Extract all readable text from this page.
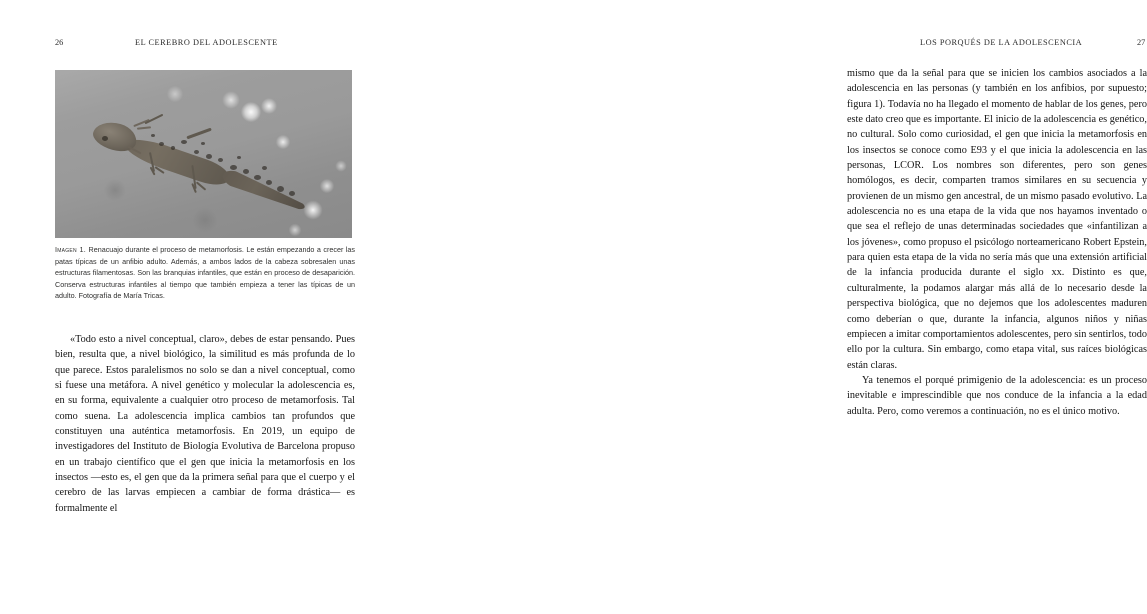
26	EL CEREBRO DEL ADOLESCENTE
Imagen 1. Renacuajo durante el proceso de metamorfosis. Le están empezando a crecer las patas típicas de un anfibio adulto. Además, a ambos lados de la cabeza sobresalen unas estructuras filamentosas. Son las branquias infantiles, que están en proceso de desaparición. Conserva estructuras infantiles al tiempo que también empieza a tener las típicas de un adulto. Fotografía de María Tricas.

«Todo esto a nivel conceptual, claro», debes de estar pensando. Pues bien, resulta que, a nivel biológico, la similitud es más profunda de lo que parece. Estos paralelismos no solo se dan a nivel conceptual, como si fuese una metáfora. A nivel genético y molecular la adolescencia es, en su forma, equivalente a cualquier otro proceso de metamorfosis. Tal como suena. La adolescencia implica cambios tan profundos que constituyen una auténtica metamorfosis. En 2019, un equipo de investigadores del Instituto de Biología Evolutiva de Barcelona propuso en un trabajo científico que el gen que inicia la metamorfosis en los insectos —esto es, el gen que da la primera señal para que el cuerpo y el cerebro de las larvas empiecen a cambiar de forma drástica— es formalmente el

LOS PORQUÉS DE LA ADOLESCENCIA	27

mismo que da la señal para que se inicien los cambios asociados a la adolescencia en las personas (y también en los anfibios, por supuesto; figura 1). Todavía no ha llegado el momento de hablar de los genes, pero este dato creo que es importante. El inicio de la adolescencia es genético, no cultural. Solo como curiosidad, el gen que inicia la metamorfosis en los insectos se conoce como E93 y el que inicia la adolescencia en las personas, LCOR. Los nombres son diferentes, pero son genes homólogos, es decir, comparten tramos similares en su secuencia y provienen de un mismo gen ancestral, de un mismo pasado evolutivo. La adolescencia no es una etapa de la vida que nos hayamos inventado o que sea el reflejo de unas determinadas sociedades que «infantilizan a los jóvenes», como propuso el psicólogo norteamericano Robert Epstein, para quien esta etapa de la vida no sería más que una extensión artificial de la infancia producida durante el siglo xx. Distinto es que, culturalmente, la podamos alargar más allá de lo necesario desde la perspectiva biológica, que no dejemos que los adolescentes maduren como deberían o que, durante la infancia, algunos niños y niñas empiecen a imitar comportamientos adolescentes, pero sin sentirlos, todo ello por la cultura. Sin embargo, como etapa vital, sus raíces biológicas están claras.

Ya tenemos el porqué primigenio de la adolescencia: es un proceso inevitable e imprescindible que nos conduce de la infancia a la edad adulta. Pero, como veremos a continuación, no es el único motivo.
